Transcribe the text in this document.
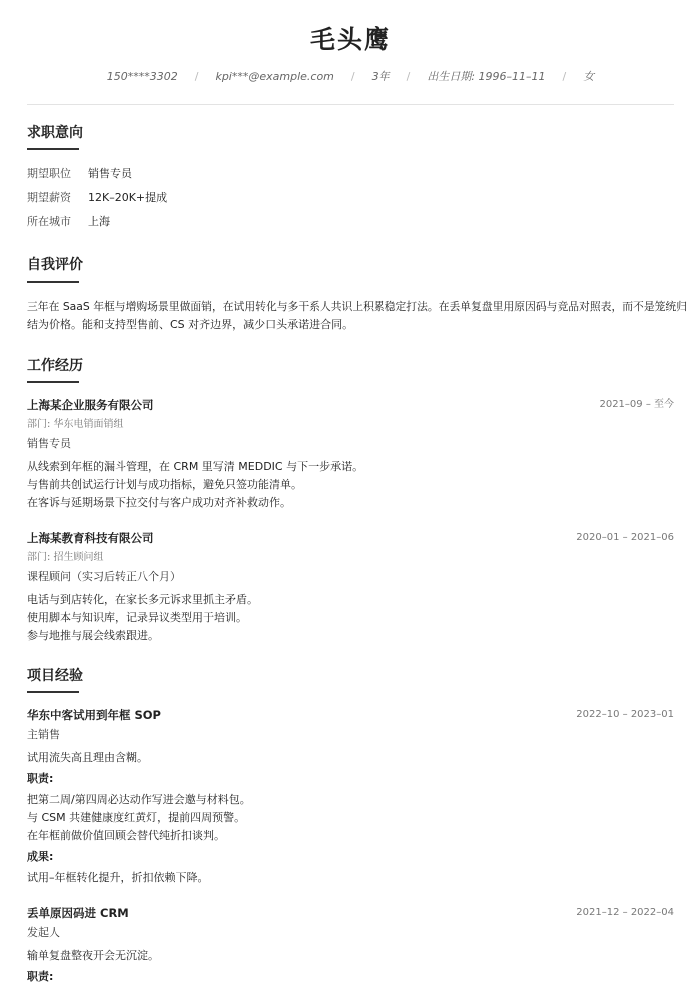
毛头鹰
150****3302 / kpi***@example.com / 3年 / 出生日期: 1996–11–11 / 女
求职意向
期望职位 销售专员
期望薪资 12K–20K+提成
所在城市 上海
自我评价
三年在 SaaS 年框与增购场景里做面销，在试用转化与多干系人共识上积累稳定打法。在丢单复盘里用原因码与竞品对照表，而不是笼统归
结为价格。能和支持型售前、CS 对齐边界，减少口头承诺进合同。
工作经历
上海某企业服务有限公司	2021–09 – 至今
部门: 华东电销面销组
销售专员
从线索到年框的漏斗管理，在 CRM 里写清 MEDDIC 与下一步承诺。
与售前共创试运行计划与成功指标，避免只签功能清单。
在客诉与延期场景下拉交付与客户成功对齐补救动作。
上海某教育科技有限公司	2020–01 – 2021–06
部门: 招生顾问组
课程顾问（实习后转正八个月）
电话与到店转化，在家长多元诉求里抓主矛盾。
使用脚本与知识库，记录异议类型用于培训。
参与地推与展会线索跟进。
项目经验
华东中客试用到年框 SOP	2022–10 – 2023–01
主销售
试用流失高且理由含糊。
职责:
把第二周/第四周必达动作写进会邀与材料包。
与 CSM 共建健康度红黄灯，提前四周预警。
在年框前做价值回顾会替代纯折扣谈判。
成果:
试用–年框转化提升，折扣依赖下降。
丢单原因码进 CRM	2021–12 – 2022–04
发起人
输单复盘整夜开会无沉淀。
职责:
